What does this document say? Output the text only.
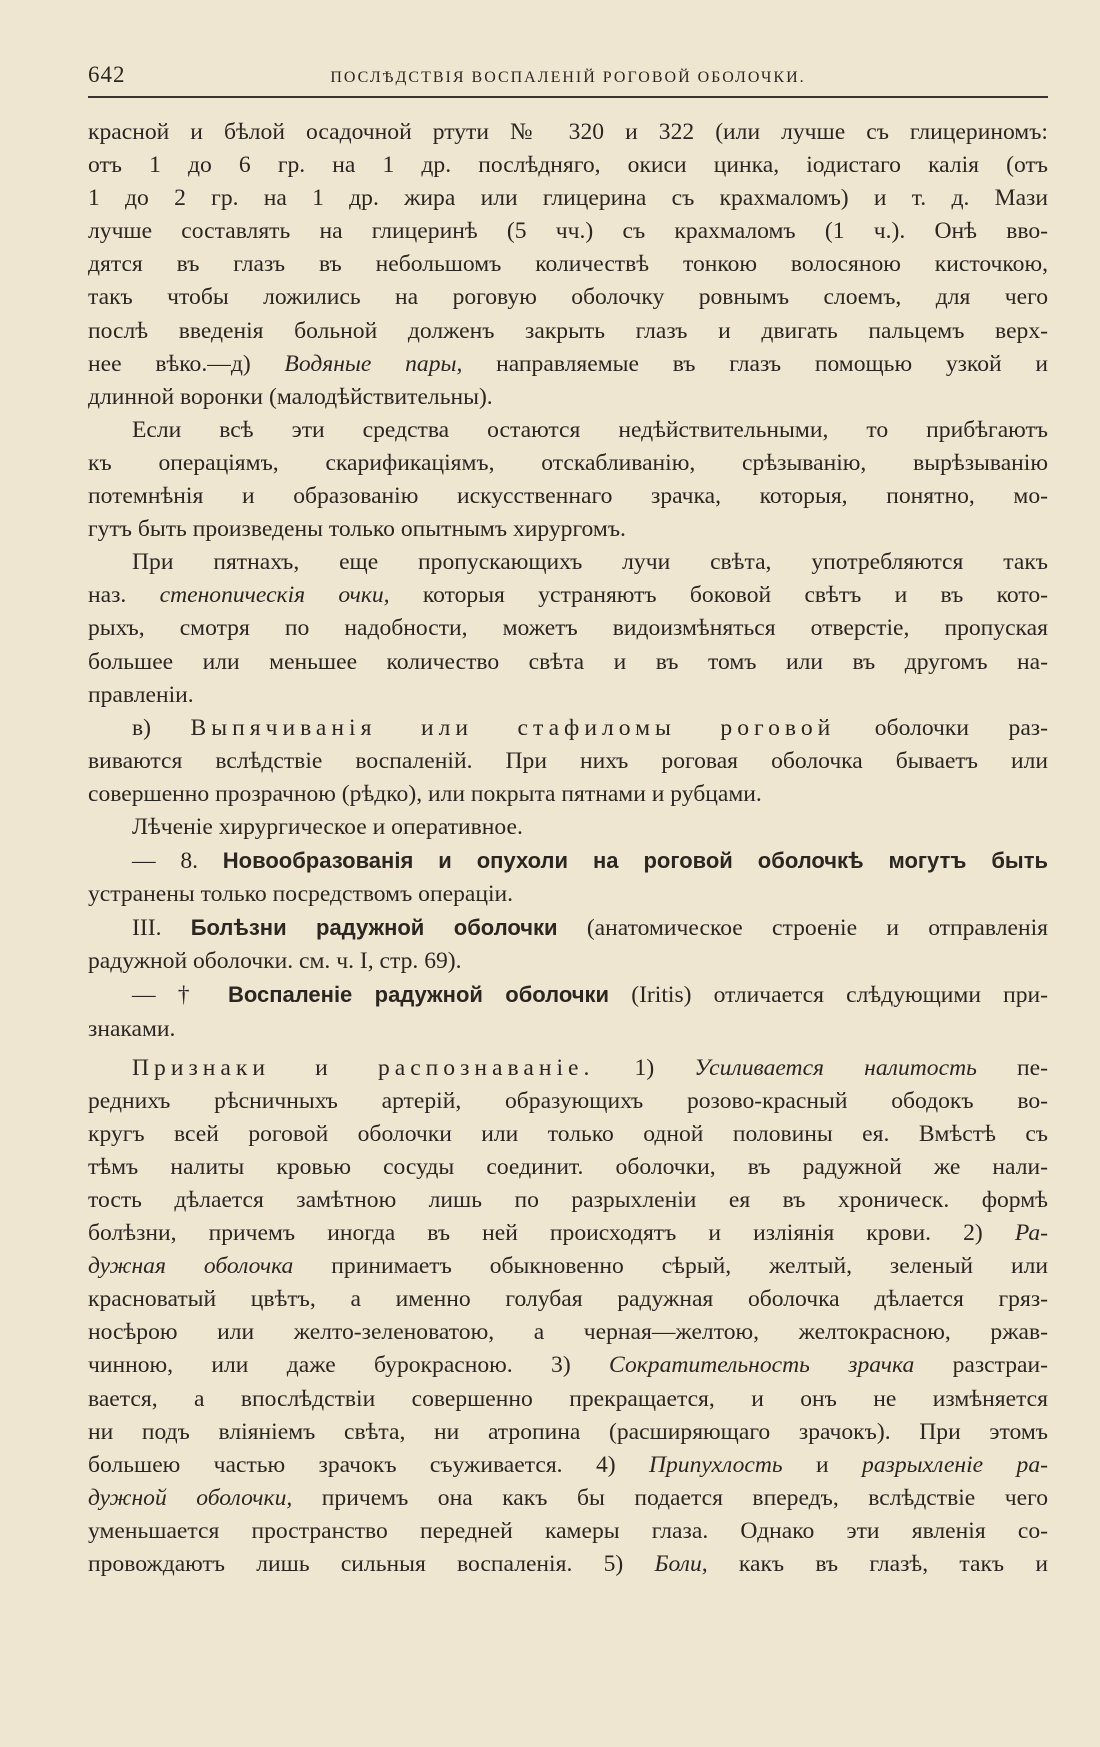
642	ПОСЛѢДСТВІЯ ВОСПАЛЕНІЙ РОГОВОЙ ОБОЛОЧКИ.

красной и бѣлой осадочной ртути № 320 и 322 (или лучше съ глицериномъ:

отъ 1 до 6 гр. на 1 др. послѣдняго, окиси цинка, іодистаго калія (отъ

1 до 2 гр. на 1 др. жира или глицерина съ крахмаломъ) и т. д. Мази

лучше составлять на глицеринѣ (5 чч.) съ крахмаломъ (1 ч.). Онѣ вво-

дятся въ глазъ въ небольшомъ количествѣ тонкою волосяною кисточкою,

такъ чтобы ложились на роговую оболочку ровнымъ слоемъ, для чего

послѣ введенія больной долженъ закрыть глазъ и двигать пальцемъ верх-

нее вѣко.—д) Водяные пары, направляемые въ глазъ помощью узкой и

длинной воронки (малодѣйствительны).

Если всѣ эти средства остаются недѣйствительными, то прибѣгаютъ

къ операціямъ, скарификаціямъ, отскабливанію, срѣзыванію, вырѣзыванію

потемнѣнія и образованію искусственнаго зрачка, которыя, понятно, мо-

гутъ быть произведены только опытнымъ хирургомъ.

При пятнахъ, еще пропускающихъ лучи свѣта, употребляются такъ

наз. стенопическія очки, которыя устраняютъ боковой свѣтъ и въ кото-

рыхъ, смотря по надобности, можетъ видоизмѣняться отверстіе, пропуская

большее или меньшее количество свѣта и въ томъ или въ другомъ на-

правленіи.

в) Выпячиванія или стафиломы роговой оболочки раз-

виваются вслѣдствіе воспаленій. При нихъ роговая оболочка бываетъ или

совершенно прозрачною (рѣдко), или покрыта пятнами и рубцами.

Лѣченіе хирургическое и оперативное.

— 8. Новообразованія и опухоли на роговой оболочкѣ могутъ быть

устранены только посредствомъ операціи.

III. Болѣзни радужной оболочки (анатомическое строеніе и отправленія

радужной оболочки. см. ч. I, стр. 69).

— † Воспаленіе радужной оболочки (Iritis) отличается слѣдующими при-

знаками.

Признаки и распознаваніе. 1) Усиливается налитость пе-

реднихъ рѣсничныхъ артерій, образующихъ розово-красный ободокъ во-

кругъ всей роговой оболочки или только одной половины ея. Вмѣстѣ съ

тѣмъ налиты кровью сосуды соединит. оболочки, въ радужной же нали-

тость дѣлается замѣтною лишь по разрыхленіи ея въ хроническ. формѣ

болѣзни, причемъ иногда въ ней происходятъ и изліянія крови. 2) Ра-

дужная оболочка принимаетъ обыкновенно сѣрый, желтый, зеленый или

красноватый цвѣтъ, а именно голубая радужная оболочка дѣлается гряз-

носѣрою или желто-зеленоватою, а черная—желтою, желтокрасною, ржав-

чинною, или даже бурокрасною. 3) Сократительность зрачка разстраи-

вается, а впослѣдствіи совершенно прекращается, и онъ не измѣняется

ни подъ вліяніемъ свѣта, ни атропина (расширяющаго зрачокъ). При этомъ

большею частью зрачокъ съуживается. 4) Припухлость и разрыхленіе ра-

дужной оболочки, причемъ она какъ бы подается впередъ, вслѣдствіе чего

уменьшается пространство передней камеры глаза. Однако эти явленія со-

провождаютъ лишь сильныя воспаленія. 5) Боли, какъ въ глазѣ, такъ и
